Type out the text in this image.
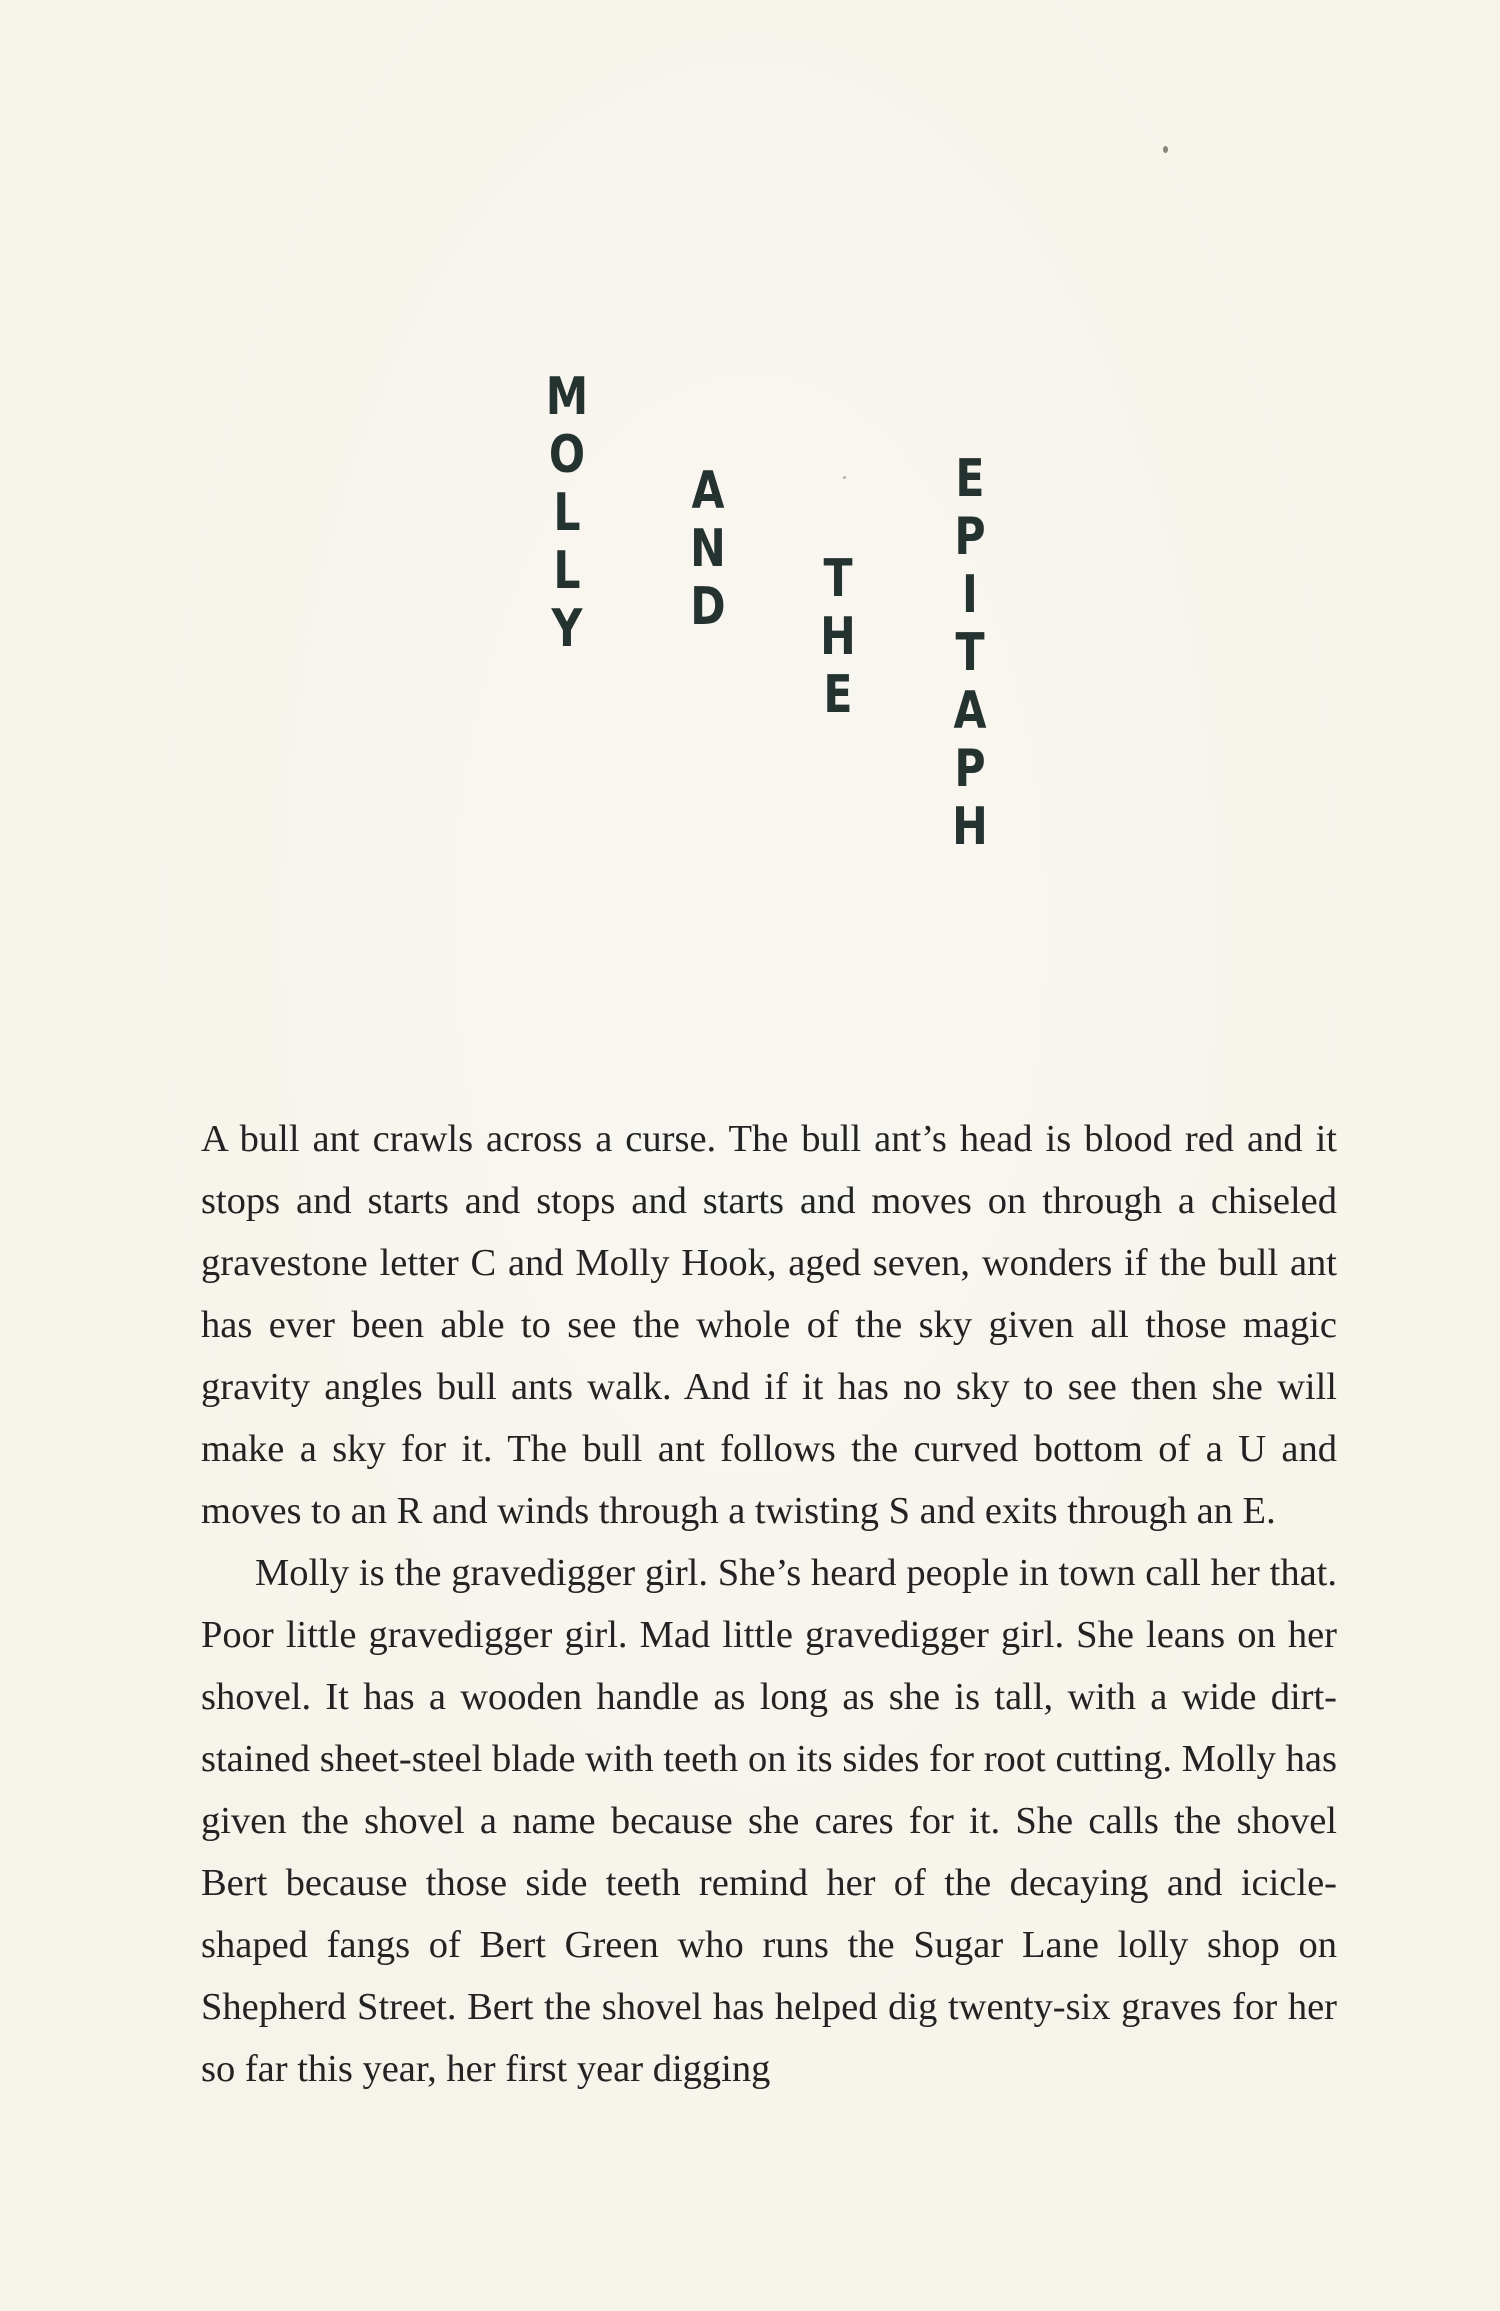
M
O
L
L
Y
A
N
D T
H
E
E
P
I
T
A
P
H

A bull ant crawls across a curse. The bull ant’s head is blood red and it stops and starts and stops and starts and moves on through a chiseled gravestone letter C and Molly Hook, aged seven, wonders if the bull ant has ever been able to see the whole of the sky given all those magic gravity angles bull ants walk. And if it has no sky to see then she will make a sky for it. The bull ant follows the curved bottom of a U and moves to an R and winds through a twisting S and exits through an E.

Molly is the gravedigger girl. She’s heard people in town call her that. Poor little gravedigger girl. Mad little gravedigger girl. She leans on her shovel. It has a wooden handle as long as she is tall, with a wide dirt-stained sheet-steel blade with teeth on its sides for root cutting. Molly has given the shovel a name because she cares for it. She calls the shovel Bert because those side teeth remind her of the decaying and icicle-shaped fangs of Bert Green who runs the Sugar Lane lolly shop on Shepherd Street. Bert the shovel has helped dig twenty-six graves for her so far this year, her first year digging
